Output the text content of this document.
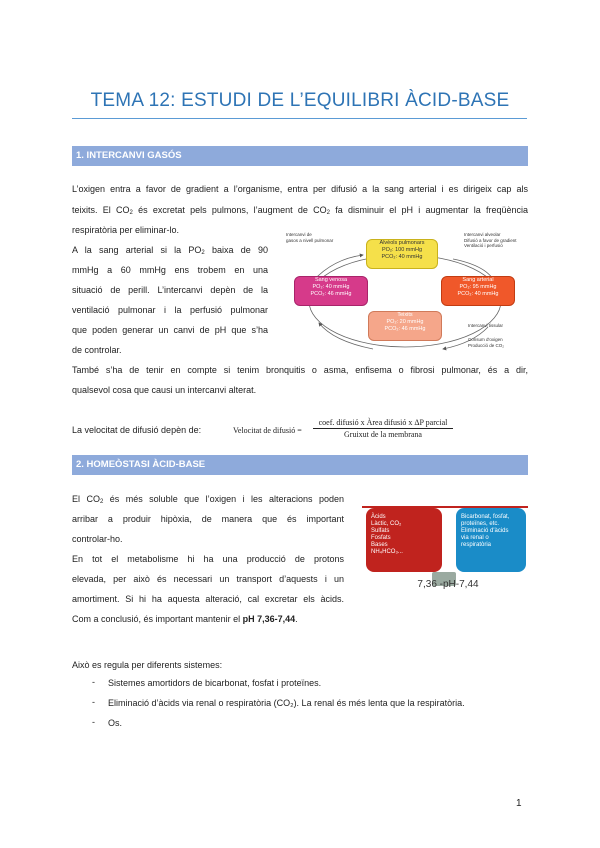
TEMA 12: ESTUDI DE L’EQUILIBRI ÀCID-BASE
1. INTERCANVI GASÓS
L’oxigen entra a favor de gradient a l’organisme, entra per difusió a la sang arterial i es dirigeix cap als
teixits. El $CO_2$ és excretat pels pulmons, l’augment de $CO_2$ fa disminuir el pH i augmentar la freqüència
respiratòria per eliminar-lo.
A la sang arterial si la $PO_2$ baixa de 90
mmHg a 60 mmHg ens trobem en una
situació de perill. L’intercanvi depèn de la
ventilació pulmonar i la perfusió pulmonar
que poden generar un canvi de pH que s’ha
de controlar.
Intercanvi de
gasos a nivell pulmonar
Intercanvi alveolar
Difusió a favor de gradient
Ventilació i perfusió
Alvèols pulmonars
PO₂: 100 mmHg
PCO₂: 40 mmHg
Sang venosa
PO₂: 40 mmHg
PCO₂: 46 mmHg
Sang arterial
PO₂: 95 mmHg
PCO₂: 40 mmHg
Teixits
PO₂: 20 mmHg
PCO₂: 46 mmHg
Intercanvi tissular
Consum d'oxigen
Producció de CO₂
També s’ha de tenir en compte si tenim bronquitis o asma, enfisema o fibrosi pulmonar, és a dir,
qualsevol cosa que causi un intercanvi alterat.
La velocitat de difusió depèn de:	Velocitat de difusió =
coef. difusió x Àrea difusió x ΔP parcial
Gruixut de la membrana
2. HOMEÒSTASI ÀCID-BASE
El $CO_2$ és més soluble que l’oxigen i les alteracions poden
arribar a produir hipòxia, de manera que és important
controlar-ho.
En tot el metabolisme hi ha una producció de protons
elevada, per això és necessari un transport d’aquests i un
amortiment. Si hi ha aquesta alteració, cal excretar els àcids.
Com a conclusió, és important mantenir el pH 7,36-7,44.
Àcids
Làctic, CO₂
Sulfats
Fosfats
Bases
NH₄HCO₃...
Bicarbonat, fosfat,
proteïnes, etc.
Eliminació d'àcids
via renal o
respiratòria
7,36 -pH-7,44
Això es regula per diferents sistemes:
- Sistemes amortidors de bicarbonat, fosfat i proteïnes.
- Eliminació d’àcids via renal o respiratòria (CO₂). La renal és més lenta que la respiratòria.
- Os.
1
